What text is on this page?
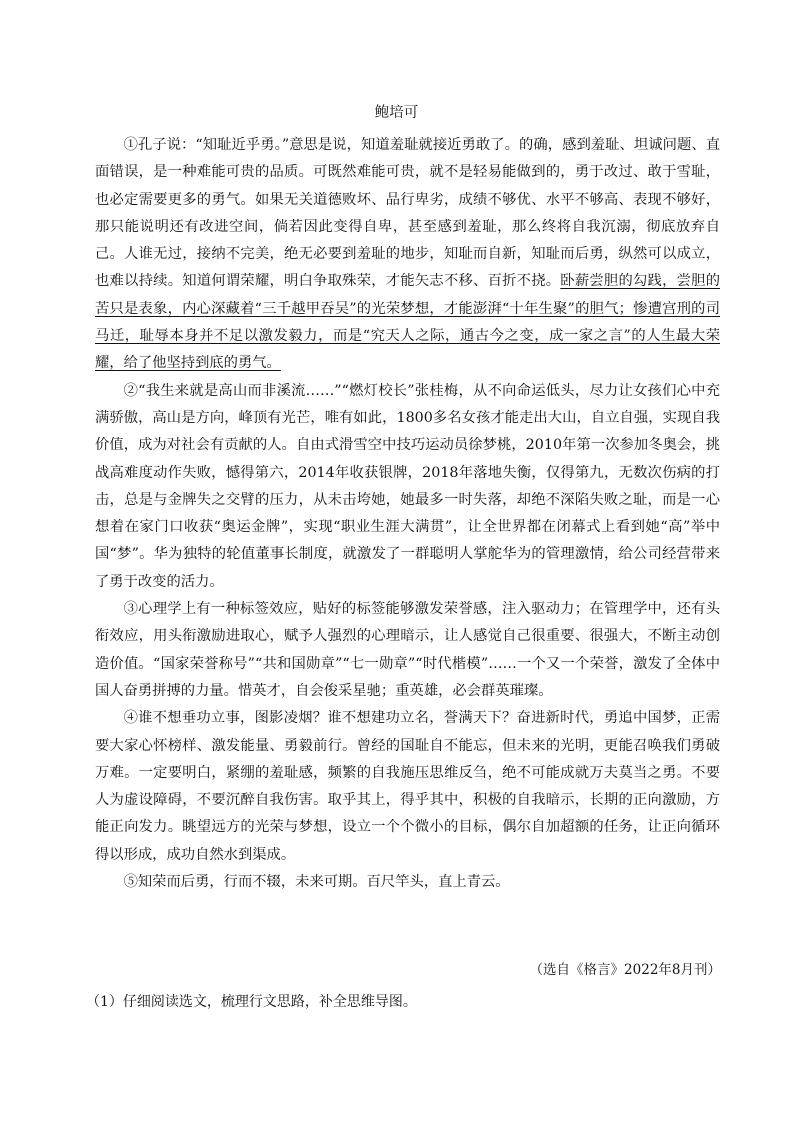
鲍培可

①孔子说：“知耻近乎勇。”意思是说，知道羞耻就接近勇敢了。的确，感到羞耻、坦诚问题、直面错误，是一种难能可贵的品质。可既然难能可贵，就不是轻易能做到的，勇于改过、敢于雪耻，也必定需要更多的勇气。如果无关道德败坏、品行卑劣，成绩不够优、水平不够高、表现不够好，那只能说明还有改进空间，倘若因此变得自卑，甚至感到羞耻，那么终将自我沉溺，彻底放弃自己。人谁无过，接纳不完美，绝无必要到羞耻的地步，知耻而自新，知耻而后勇，纵然可以成立，也难以持续。知道何谓荣耀，明白争取殊荣，才能矢志不移、百折不挠。卧薪尝胆的勾践，尝胆的苦只是表象，内心深藏着“三千越甲吞吴”的光荣梦想，才能澎湃“十年生聚”的胆气；惨遭宫刑的司马迁，耻辱本身并不足以激发毅力，而是“究天人之际，通古今之变，成一家之言”的人生最大荣耀，给了他坚持到底的勇气。

②“我生来就是高山而非溪流……”“燃灯校长”张桂梅，从不向命运低头，尽力让女孩们心中充满骄傲，高山是方向，峰顶有光芒，唯有如此，1800多名女孩才能走出大山，自立自强，实现自我价值，成为对社会有贡献的人。自由式滑雪空中技巧运动员徐梦桃，2010年第一次参加冬奥会，挑战高难度动作失败，憾得第六，2014年收获银牌，2018年落地失衡，仅得第九，无数次伤病的打击，总是与金牌失之交臂的压力，从未击垮她，她最多一时失落，却绝不深陷失败之耻，而是一心想着在家门口收获“奥运金牌”，实现“职业生涯大满贯”，让全世界都在闭幕式上看到她“高”举中国“梦”。华为独特的轮值董事长制度，就激发了一群聪明人掌舵华为的管理激情，给公司经营带来了勇于改变的活力。

③心理学上有一种标签效应，贴好的标签能够激发荣誉感，注入驱动力；在管理学中，还有头衔效应，用头衔激励进取心，赋予人强烈的心理暗示，让人感觉自己很重要、很强大，不断主动创造价值。“国家荣誉称号”“共和国勋章”“七一勋章”“时代楷模”……一个又一个荣誉，激发了全体中国人奋勇拼搏的力量。惜英才，自会俊采星驰；重英雄，必会群英璀璨。

④谁不想垂功立事，图影凌烟？谁不想建功立名，誉满天下？奋进新时代，勇追中国梦，正需要大家心怀榜样、激发能量、勇毅前行。曾经的国耻自不能忘，但未来的光明，更能召唤我们勇破万难。一定要明白，紧绷的羞耻感，频繁的自我施压思维反刍，绝不可能成就万夫莫当之勇。不要人为虚设障碍，不要沉醉自我伤害。取乎其上，得乎其中，积极的自我暗示，长期的正向激励，方能正向发力。眺望远方的光荣与梦想，设立一个个微小的目标，偶尔自加超额的任务，让正向循环得以形成，成功自然水到渠成。

⑤知荣而后勇，行而不辍，未来可期。百尺竿头，直上青云。

（选自《格言》2022年8月刊）
（1）仔细阅读选文，梳理行文思路，补全思维导图。
